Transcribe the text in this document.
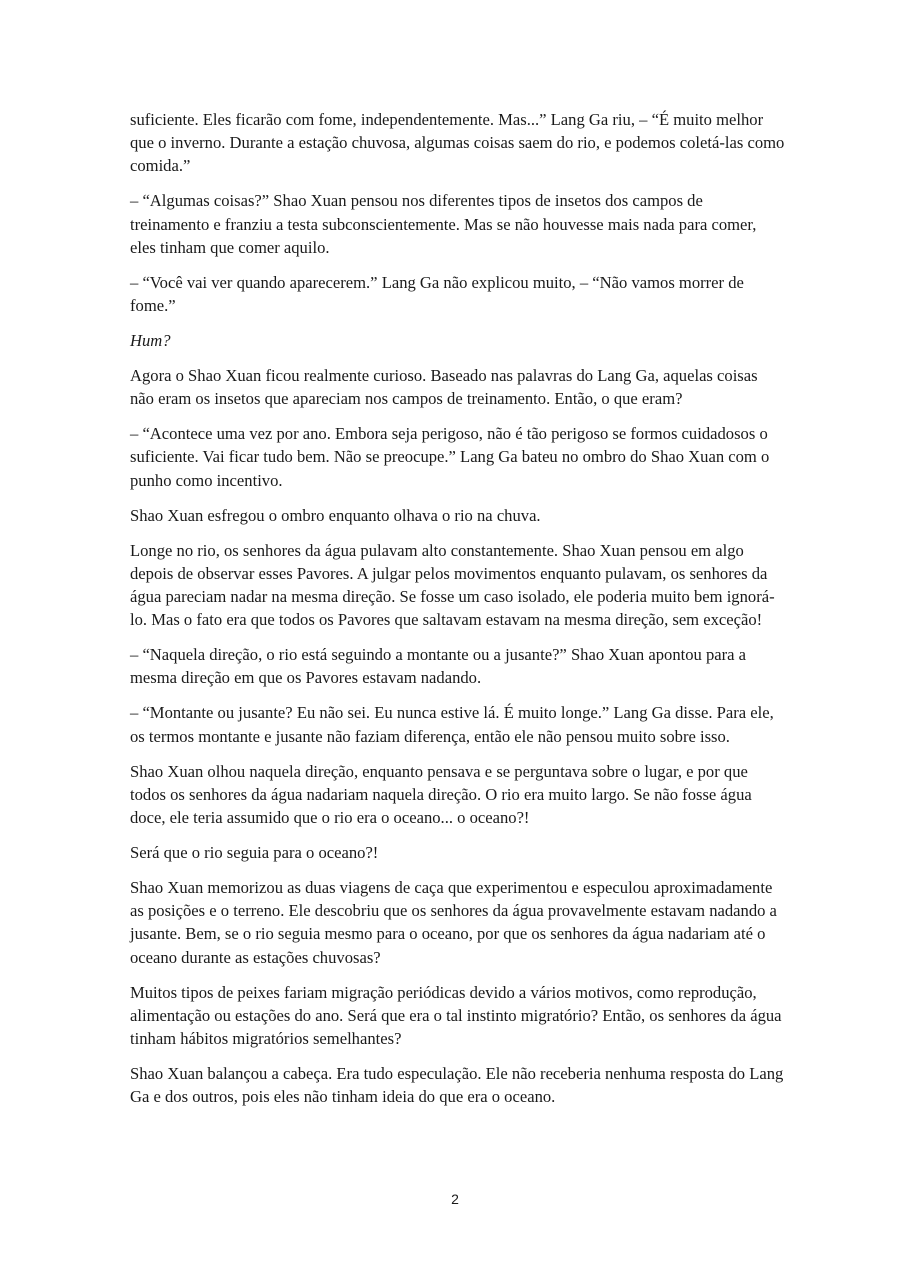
suficiente. Eles ficarão com fome, independentemente. Mas...” Lang Ga riu, – “É muito melhor que o inverno. Durante a estação chuvosa, algumas coisas saem do rio, e podemos coletá-las como comida.”

– “Algumas coisas?” Shao Xuan pensou nos diferentes tipos de insetos dos campos de treinamento e franziu a testa subconscientemente. Mas se não houvesse mais nada para comer, eles tinham que comer aquilo.

– “Você vai ver quando aparecerem.” Lang Ga não explicou muito, – “Não vamos morrer de fome.”

Hum?

Agora o Shao Xuan ficou realmente curioso. Baseado nas palavras do Lang Ga, aquelas coisas não eram os insetos que apareciam nos campos de treinamento. Então, o que eram?

– “Acontece uma vez por ano. Embora seja perigoso, não é tão perigoso se formos cuidadosos o suficiente. Vai ficar tudo bem. Não se preocupe.” Lang Ga bateu no ombro do Shao Xuan com o punho como incentivo.

Shao Xuan esfregou o ombro enquanto olhava o rio na chuva.

Longe no rio, os senhores da água pulavam alto constantemente. Shao Xuan pensou em algo depois de observar esses Pavores. A julgar pelos movimentos enquanto pulavam, os senhores da água pareciam nadar na mesma direção. Se fosse um caso isolado, ele poderia muito bem ignorá-lo. Mas o fato era que todos os Pavores que saltavam estavam na mesma direção, sem exceção!

– “Naquela direção, o rio está seguindo a montante ou a jusante?” Shao Xuan apontou para a mesma direção em que os Pavores estavam nadando.

– “Montante ou jusante? Eu não sei. Eu nunca estive lá. É muito longe.” Lang Ga disse. Para ele, os termos montante e jusante não faziam diferença, então ele não pensou muito sobre isso.

Shao Xuan olhou naquela direção, enquanto pensava e se perguntava sobre o lugar, e por que todos os senhores da água nadariam naquela direção. O rio era muito largo. Se não fosse água doce, ele teria assumido que o rio era o oceano... o oceano?!

Será que o rio seguia para o oceano?!

Shao Xuan memorizou as duas viagens de caça que experimentou e especulou aproximadamente as posições e o terreno. Ele descobriu que os senhores da água provavelmente estavam nadando a jusante. Bem, se o rio seguia mesmo para o oceano, por que os senhores da água nadariam até o oceano durante as estações chuvosas?

Muitos tipos de peixes fariam migração periódicas devido a vários motivos, como reprodução, alimentação ou estações do ano. Será que era o tal instinto migratório? Então, os senhores da água tinham hábitos migratórios semelhantes?

Shao Xuan balançou a cabeça. Era tudo especulação. Ele não receberia nenhuma resposta do Lang Ga e dos outros, pois eles não tinham ideia do que era o oceano.

2
